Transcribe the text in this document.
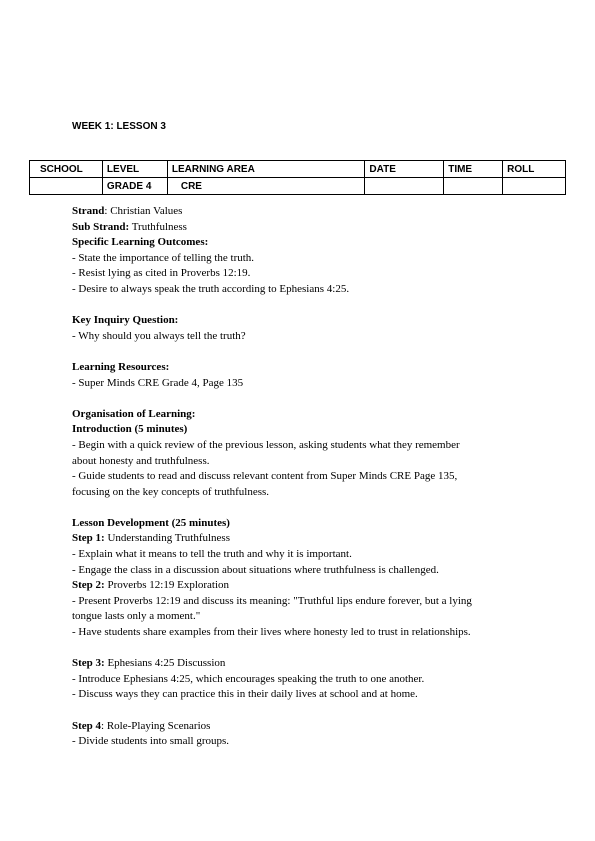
WEEK 1: LESSON 3
SCHOOL	LEVEL	LEARNING AREA	DATE	TIME	ROLL
	GRADE 4	CRE			

Strand: Christian Values

Sub Strand: Truthfulness

Specific Learning Outcomes:

- State the importance of telling the truth.

- Resist lying as cited in Proverbs 12:19.

- Desire to always speak the truth according to Ephesians 4:25.

Key Inquiry Question:

- Why should you always tell the truth?

Learning Resources:

- Super Minds CRE Grade 4, Page 135

Organisation of Learning:

Introduction (5 minutes)

- Begin with a quick review of the previous lesson, asking students what they remember

about honesty and truthfulness.

- Guide students to read and discuss relevant content from Super Minds CRE Page 135,

focusing on the key concepts of truthfulness.

Lesson Development (25 minutes)

Step 1: Understanding Truthfulness

- Explain what it means to tell the truth and why it is important.

- Engage the class in a discussion about situations where truthfulness is challenged.

Step 2: Proverbs 12:19 Exploration

- Present Proverbs 12:19 and discuss its meaning: "Truthful lips endure forever, but a lying

tongue lasts only a moment."

- Have students share examples from their lives where honesty led to trust in relationships.

Step 3: Ephesians 4:25 Discussion

- Introduce Ephesians 4:25, which encourages speaking the truth to one another.

- Discuss ways they can practice this in their daily lives at school and at home.

Step 4: Role-Playing Scenarios

- Divide students into small groups.
